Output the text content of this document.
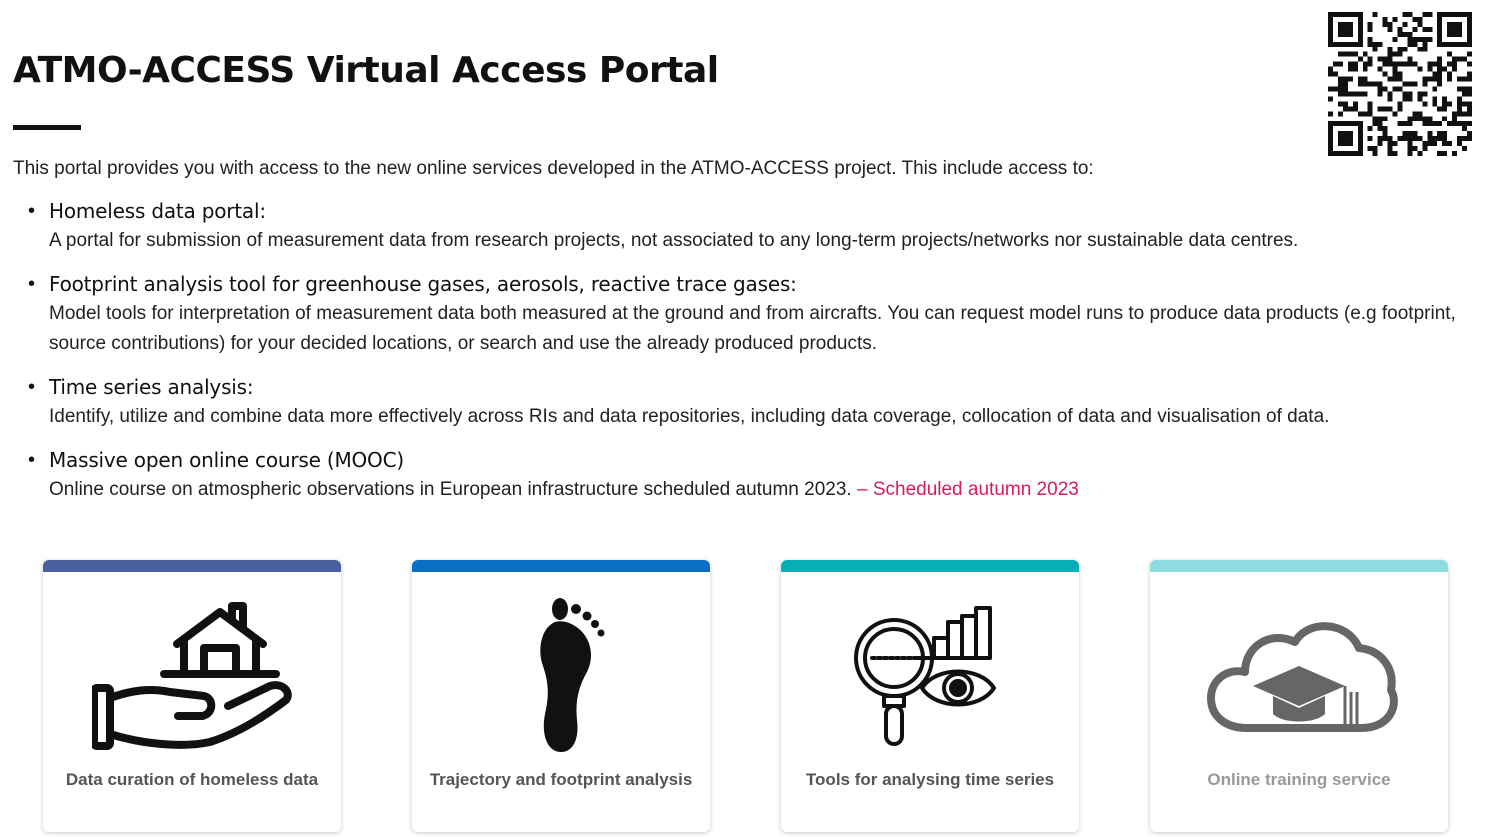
ATMO-ACCESS Virtual Access Portal

This portal provides you with access to the new online services developed in the ATMO-ACCESS project. This include access to:

• Homeless data portal:
A portal for submission of measurement data from research projects, not associated to any long-term projects/networks nor sustainable data centres.
• Footprint analysis tool for greenhouse gases, aerosols, reactive trace gases:
Model tools for interpretation of measurement data both measured at the ground and from aircrafts. You can request model runs to produce data products (e.g footprint, source contributions) for your decided locations, or search and use the already produced products.
• Time series analysis:
Identify, utilize and combine data more effectively across RIs and data repositories, including data coverage, collocation of data and visualisation of data.
• Massive open online course (MOOC)
Online course on atmospheric observations in European infrastructure scheduled autumn 2023. – Scheduled autumn 2023
Data curation of homeless data	Trajectory and footprint analysis	Tools for analysing time series	Online training service
